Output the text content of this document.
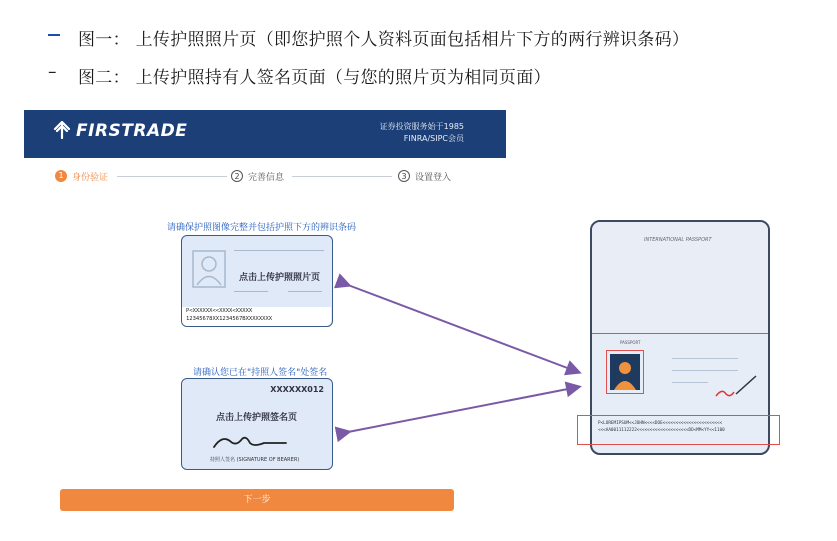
图一： 上传护照照片页（即您护照个人资料页面包括相片下方的两行辨识条码）
– 图二： 上传护照持有人签名页面（与您的照片页为相同页面）
FIRSTRADE	证券投资服务始于1985
FINRA/SIPC会员
1 身份验证	2 完善信息	3 设置登入
请确保护照图像完整并包括护照下方的辨识条码
点击上传护照照片页
P<XXXXXX<<XXXX<XXXXX
12345678XX1234567BXXXXXXXX
请确认您已在"持照人签名"处签名
XXXXXX012
点击上传护照签名页
持照人签名 (SIGNATURE OF BEARER)
下一步
INTERNATIONAL PASSPORT
PASSPORT
P<LOREMIPSUM<<JOHN<<<<DOE<<<<<<<<<<<<<<<<<<<<<<<
<<<AA0011112222<<<<<<<<<<<<<<<<<<<<DD<MM<YY<<1100
